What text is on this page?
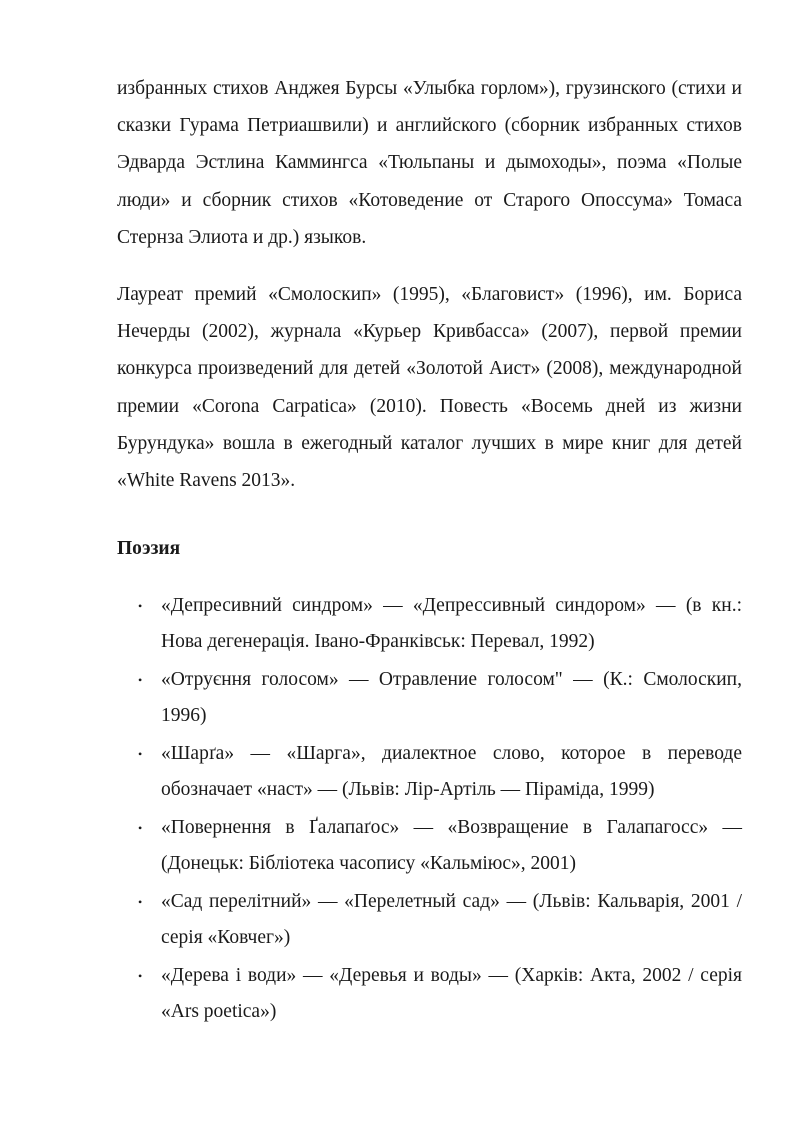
избранных стихов Анджея Бурсы «Улыбка горлом»), грузинского (стихи и сказки Гурама Петриашвили) и английского (сборник избранных стихов Эдварда Эстлина Каммингса «Тюльпаны и дымоходы», поэма «Полые люди» и сборник стихов «Котоведение от Старого Опоссума» Томаса Стернза Элиота и др.) языков.

Лауреат премий «Смолоскип» (1995), «Благовист» (1996), им. Бориса Нечерды (2002), журнала «Курьер Кривбасса» (2007), первой премии конкурса произведений для детей «Золотой Аист» (2008), международной премии «Corona Carpatica» (2010). Повесть «Восемь дней из жизни Бурундука» вошла в ежегодный каталог лучших в мире книг для детей «White Ravens 2013».

Поэзия
• «Депресивний синдром» — «Депрессивный синдором» — (в кн.: Нова дегенерація. Івано-Франківськ: Перевал, 1992)
• «Отруєння голосом» — Отравление голосом" — (К.: Смолоскип, 1996)
• «Шарґа» — «Шарга», диалектное слово, которое в переводе обозначает «наст» — (Львів: Лір-Артіль — Піраміда, 1999)
• «Повернення в Ґалапаґос» — «Возвращение в Галапагосс» — (Донецьк: Бібліотека часопису «Кальміюс», 2001)
• «Сад перелітний» — «Перелетный сад» — (Львів: Кальварія, 2001 / серія «Ковчег»)
• «Дерева і води» — «Деревья и воды» — (Харків: Акта, 2002 / серія «Ars poetica»)
